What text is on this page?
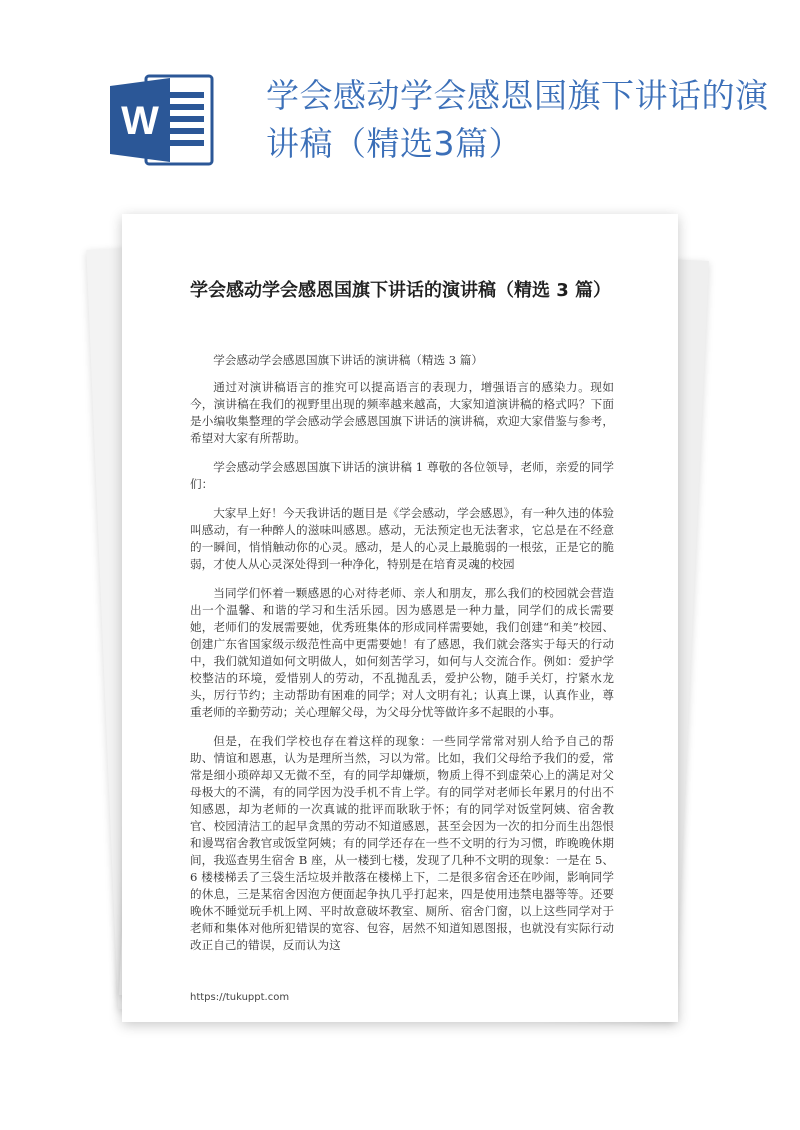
W
学会感动学会感恩国旗下讲话的演讲稿（精选3篇）
学会感动学会感恩国旗下讲话的演讲稿（精选 3 篇）

学会感动学会感恩国旗下讲话的演讲稿（精选 3 篇）

通过对演讲稿语言的推究可以提高语言的表现力，增强语言的感染力。现如今，演讲稿在我们的视野里出现的频率越来越高，大家知道演讲稿的格式吗？下面是小编收集整理的学会感动学会感恩国旗下讲话的演讲稿，欢迎大家借鉴与参考，希望对大家有所帮助。

学会感动学会感恩国旗下讲话的演讲稿 1 尊敬的各位领导，老师，亲爱的同学们：

大家早上好！今天我讲话的题目是《学会感动，学会感恩》，有一种久违的体验叫感动，有一种醉人的滋味叫感恩。感动，无法预定也无法奢求，它总是在不经意的一瞬间，悄悄触动你的心灵。感动，是人的心灵上最脆弱的一根弦，正是它的脆弱，才使人从心灵深处得到一种净化，特别是在培育灵魂的校园

当同学们怀着一颗感恩的心对待老师、亲人和朋友，那么我们的校园就会营造出一个温馨、和谐的学习和生活乐园。因为感恩是一种力量，同学们的成长需要她，老师们的发展需要她，优秀班集体的形成同样需要她，我们创建“和美”校园、创建广东省国家级示级范性高中更需要她！有了感恩，我们就会落实于每天的行动中，我们就知道如何文明做人，如何刻苦学习，如何与人交流合作。例如：爱护学校整洁的环境，爱惜别人的劳动，不乱抛乱丢，爱护公物，随手关灯，拧紧水龙头，厉行节约；主动帮助有困难的同学；对人文明有礼；认真上课，认真作业，尊重老师的辛勤劳动；关心理解父母，为父母分忧等做许多不起眼的小事。

但是，在我们学校也存在着这样的现象：一些同学常常对别人给予自己的帮助、情谊和恩惠，认为是理所当然，习以为常。比如，我们父母给予我们的爱，常常是细小琐碎却又无微不至，有的同学却嫌烦，物质上得不到虚荣心上的满足对父母极大的不满，有的同学因为没手机不肯上学。有的同学对老师长年累月的付出不知感恩，却为老师的一次真诚的批评而耿耿于怀；有的同学对饭堂阿姨、宿舍教官、校园清洁工的起早贪黑的劳动不知道感恩，甚至会因为一次的扣分而生出怨恨和谩骂宿舍教官或饭堂阿姨；有的同学还存在一些不文明的行为习惯，昨晚晚休期间，我巡查男生宿舍 B 座，从一楼到七楼，发现了几种不文明的现象：一是在 5、6 楼楼梯丢了三袋生活垃圾并散落在楼梯上下，二是很多宿舍还在吵闹，影响同学的休息，三是某宿舍因泡方便面起争执几乎打起来，四是使用违禁电器等等。还要晚休不睡觉玩手机上网、平时故意破坏教室、厕所、宿舍门窗，以上这些同学对于老师和集体对他所犯错误的宽容、包容，居然不知道知恩图报，也就没有实际行动改正自己的错误，反而认为这

https://tukuppt.com
